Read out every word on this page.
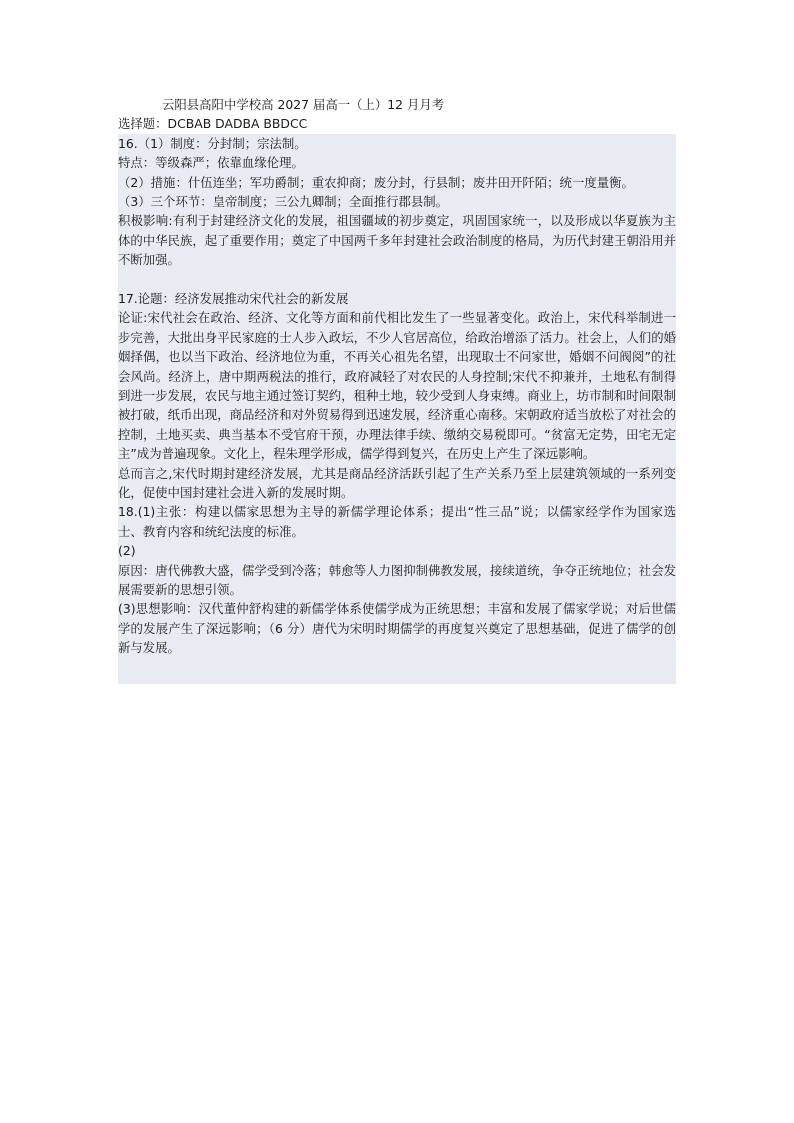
云阳县高阳中学校高 2027 届高一（上）12 月月考
选择题：DCBAB DADBA BBDCC
16.（1）制度：分封制；宗法制。
特点：等级森严；依靠血缘伦理。
（2）措施：什伍连坐；军功爵制；重农抑商；废分封，行县制；废井田开阡陌；统一度量衡。
（3）三个环节：皇帝制度；三公九卿制；全面推行郡县制。
积极影响:有利于封建经济文化的发展，祖国疆域的初步奠定，巩固国家统一，以及形成以华夏族为主体的中华民族，起了重要作用；奠定了中国两千多年封建社会政治制度的格局，为历代封建王朝沿用并不断加强。
17.论题：经济发展推动宋代社会的新发展
论证:宋代社会在政治、经济、文化等方面和前代相比发生了一些显著变化。政治上，宋代科举制进一步完善，大批出身平民家庭的士人步入政坛，不少人官居高位，给政治增添了活力。社会上，人们的婚姻择偶，也以当下政治、经济地位为重，不再关心祖先名望，出现取士不问家世，婚姻不问阀阅”的社会风尚。经济上，唐中期两税法的推行，政府减轻了对农民的人身控制;宋代不抑兼并，土地私有制得到进一步发展，农民与地主通过签订契约，租种土地，较少受到人身束缚。商业上，坊市制和时间限制被打破，纸币出现，商品经济和对外贸易得到迅速发展，经济重心南移。宋朝政府适当放松了对社会的控制，土地买卖、典当基本不受官府干预，办理法律手续、缴纳交易税即可。“贫富无定势，田宅无定主”成为普遍现象。文化上，程朱理学形成，儒学得到复兴，在历史上产生了深远影响。
总而言之,宋代时期封建经济发展，尤其是商品经济活跃引起了生产关系乃至上层建筑领域的一系列变化，促使中国封建社会进入新的发展时期。
18.(1)主张：构建以儒家思想为主导的新儒学理论体系；提出“性三品”说；以儒家经学作为国家选士、教育内容和统纪法度的标准。
(2)
原因：唐代佛教大盛，儒学受到冷落；韩愈等人力图抑制佛教发展，接续道统，争夺正统地位；社会发展需要新的思想引领。
(3)思想影响：汉代董仲舒构建的新儒学体系使儒学成为正统思想；丰富和发展了儒家学说；对后世儒学的发展产生了深远影响；（6 分）唐代为宋明时期儒学的再度复兴奠定了思想基础，促进了儒学的创新与发展。
